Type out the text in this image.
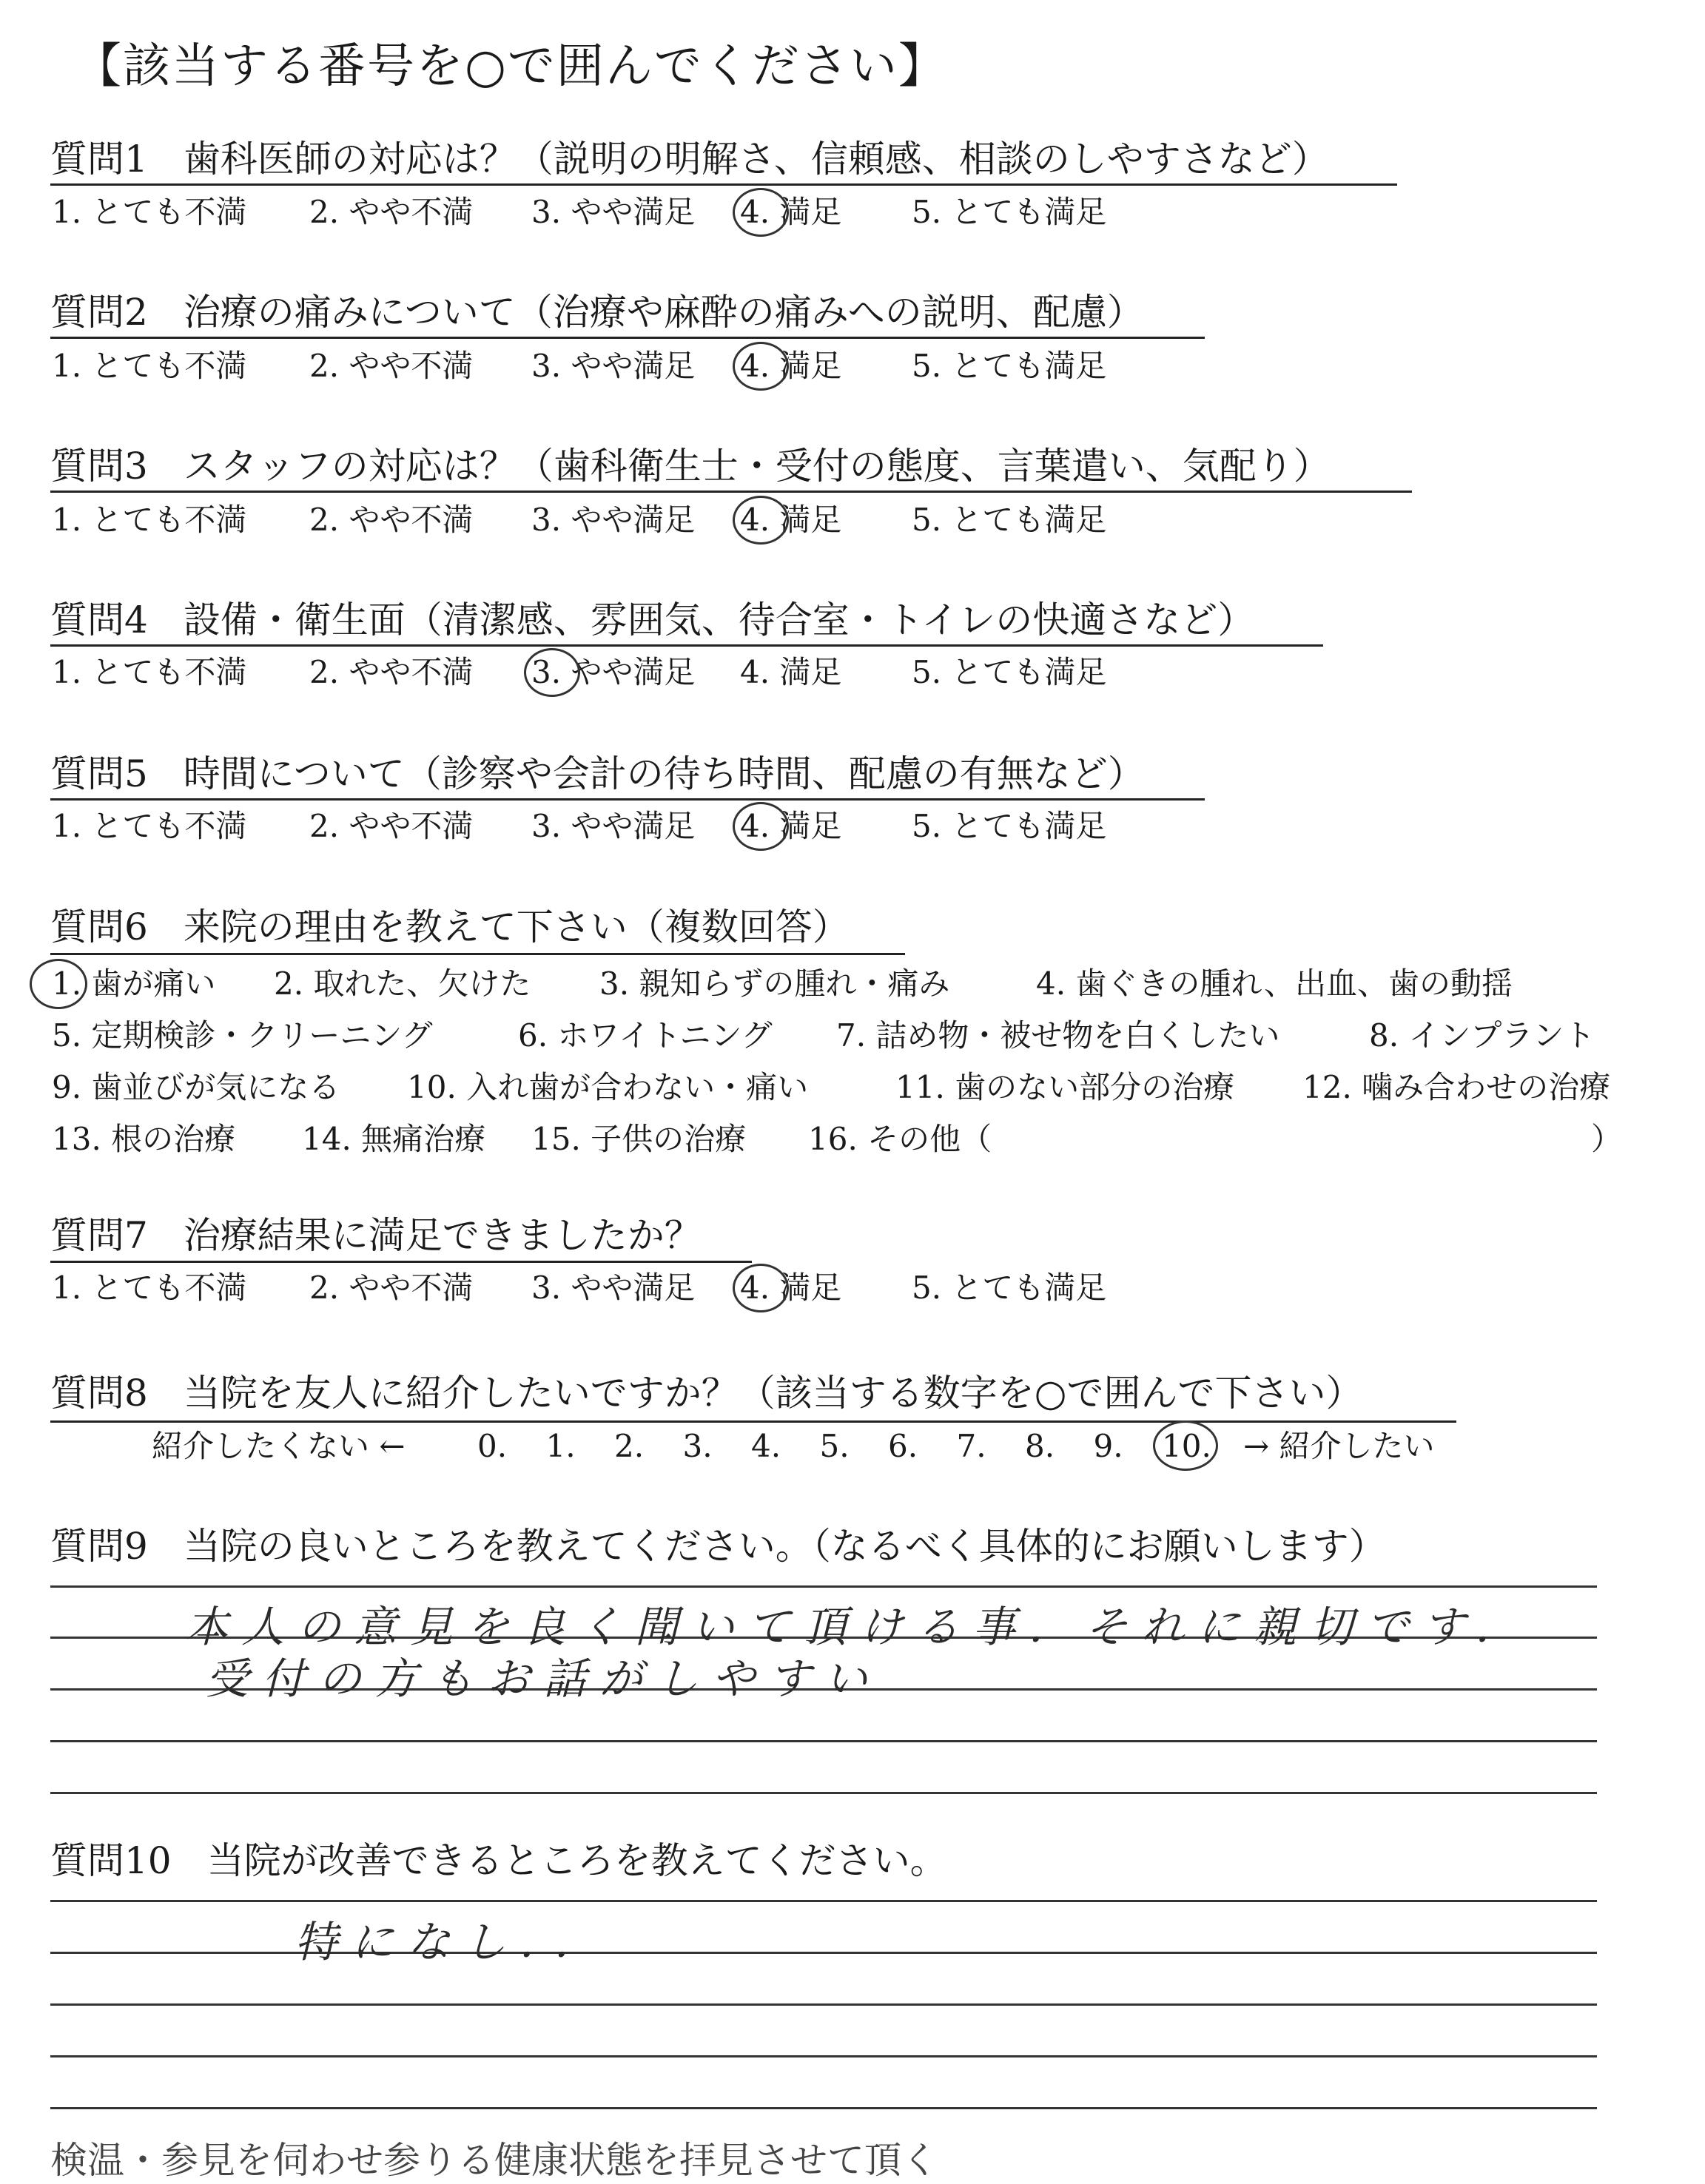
【該当する番号を○で囲んでください】
質問1 歯科医師の対応は？（説明の明解さ、信頼感、相談のしやすさなど）
1. とても不満 2. やや不満 3. やや満足 4. 満足 5. とても満足
質問2 治療の痛みについて（治療や麻酔の痛みへの説明、配慮）
1. とても不満 2. やや不満 3. やや満足 4. 満足 5. とても満足
質問3 スタッフの対応は？（歯科衛生士・受付の態度、言葉遣い、気配り）
1. とても不満 2. やや不満 3. やや満足 4. 満足 5. とても満足
質問4 設備・衛生面（清潔感、雰囲気、待合室・トイレの快適さなど）
1. とても不満 2. やや不満 3. やや満足 4. 満足 5. とても満足
質問5 時間について（診察や会計の待ち時間、配慮の有無など）
1. とても不満 2. やや不満 3. やや満足 4. 満足 5. とても満足
質問6 来院の理由を教えて下さい（複数回答）
1. 歯が痛い 2. 取れた、欠けた 3. 親知らずの腫れ・痛み	4. 歯ぐきの腫れ、出血、歯の動揺
5. 定期検診・クリーニング	6. ホワイトニング 7. 詰め物・被せ物を白くしたい	8. インプラント
9. 歯並びが気になる 10. 入れ歯が合わない・痛い	11. 歯のない部分の治療 12. 噛み合わせの治療
13. 根の治療 14. 無痛治療 15. 子供の治療 16. その他（	）
質問7 治療結果に満足できましたか？
1. とても不満 2. やや不満 3. やや満足 4. 満足 5. とても満足
質問8 当院を友人に紹介したいですか？（該当する数字を○で囲んで下さい）
紹介したくない ← 0. 1. 2. 3. 4. 5. 6. 7. 8. 9. 10. → 紹介したい
質問9 当院の良いところを教えてください。（なるべく具体的にお願いします）
本人の意見を良く聞いて頂ける事．それに親切です．
受付の方もお話がしやすい
質問10 当院が改善できるところを教えてください。
特になし．．
検温・参見を伺わせ参りる健康状態を拝見させて頂く
